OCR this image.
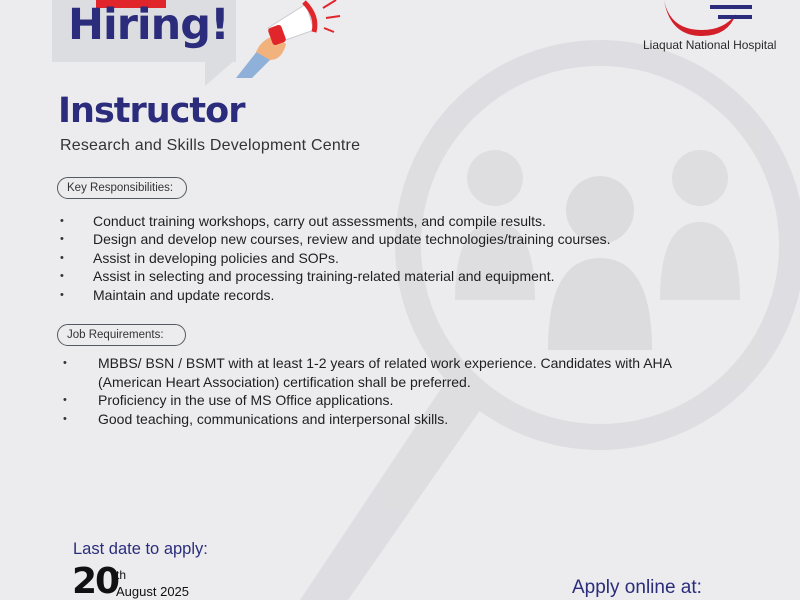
Hiring!	Liaquat National Hospital
Instructor
Research and Skills Development Centre
Key Responsibilities:
• Conduct training workshops, carry out assessments, and compile results.
• Design and develop new courses, review and update technologies/training courses.
• Assist in developing policies and SOPs.
• Assist in selecting and processing training-related material and equipment.
• Maintain and update records.
Job Requirements:
• MBBS/ BSN / BSMT with at least 1-2 years of related work experience. Candidates with AHA
(American Heart Association) certification shall be preferred.
• Proficiency in the use of MS Office applications.
• Good teaching, communications and interpersonal skills.
Last date to apply:
20
th
August 2025	Apply online at:
